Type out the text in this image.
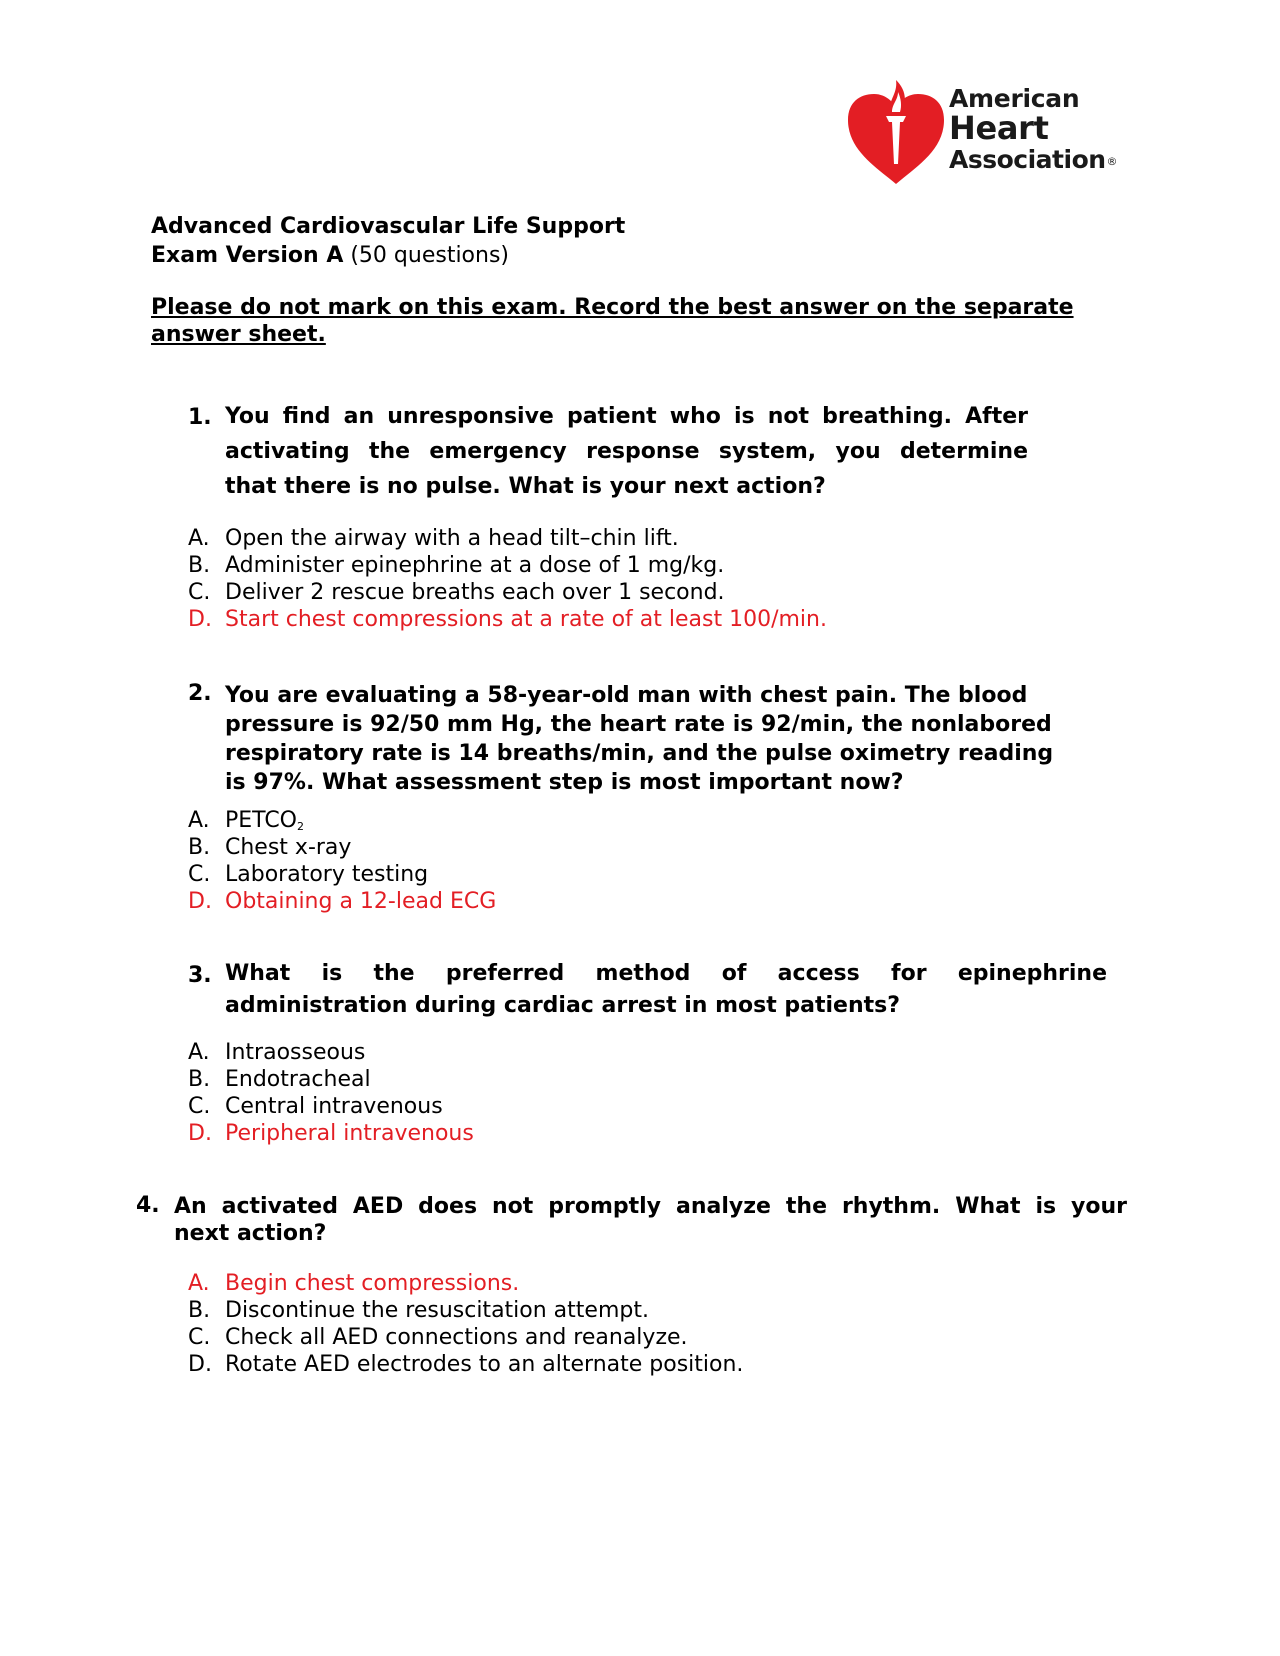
American
Heart
Association®
Advanced Cardiovascular Life Support
Exam Version A (50 questions)
Please do not mark on this exam. Record the best answer on the separate answer sheet.
1. You find an unresponsive patient who is not breathing. After
activating the emergency response system, you determine
that there is no pulse. What is your next action?
A. Open the airway with a head tilt–chin lift.
B. Administer epinephrine at a dose of 1 mg/kg.
C. Deliver 2 rescue breaths each over 1 second.
D. Start chest compressions at a rate of at least 100/min.
2. You are evaluating a 58-year-old man with chest pain. The blood
pressure is 92/50 mm Hg, the heart rate is 92/min, the nonlabored
respiratory rate is 14 breaths/min, and the pulse oximetry reading
is 97%. What assessment step is most important now?
A. $PETCO_2$
B. Chest x-ray
C. Laboratory testing
D. Obtaining a 12-lead ECG
3. What is the preferred method of access for epinephrine
administration during cardiac arrest in most patients?
A. Intraosseous
B. Endotracheal
C. Central intravenous
D. Peripheral intravenous
4. An activated AED does not promptly analyze the rhythm. What is your
next action?
A. Begin chest compressions.
B. Discontinue the resuscitation attempt.
C. Check all AED connections and reanalyze.
D. Rotate AED electrodes to an alternate position.
